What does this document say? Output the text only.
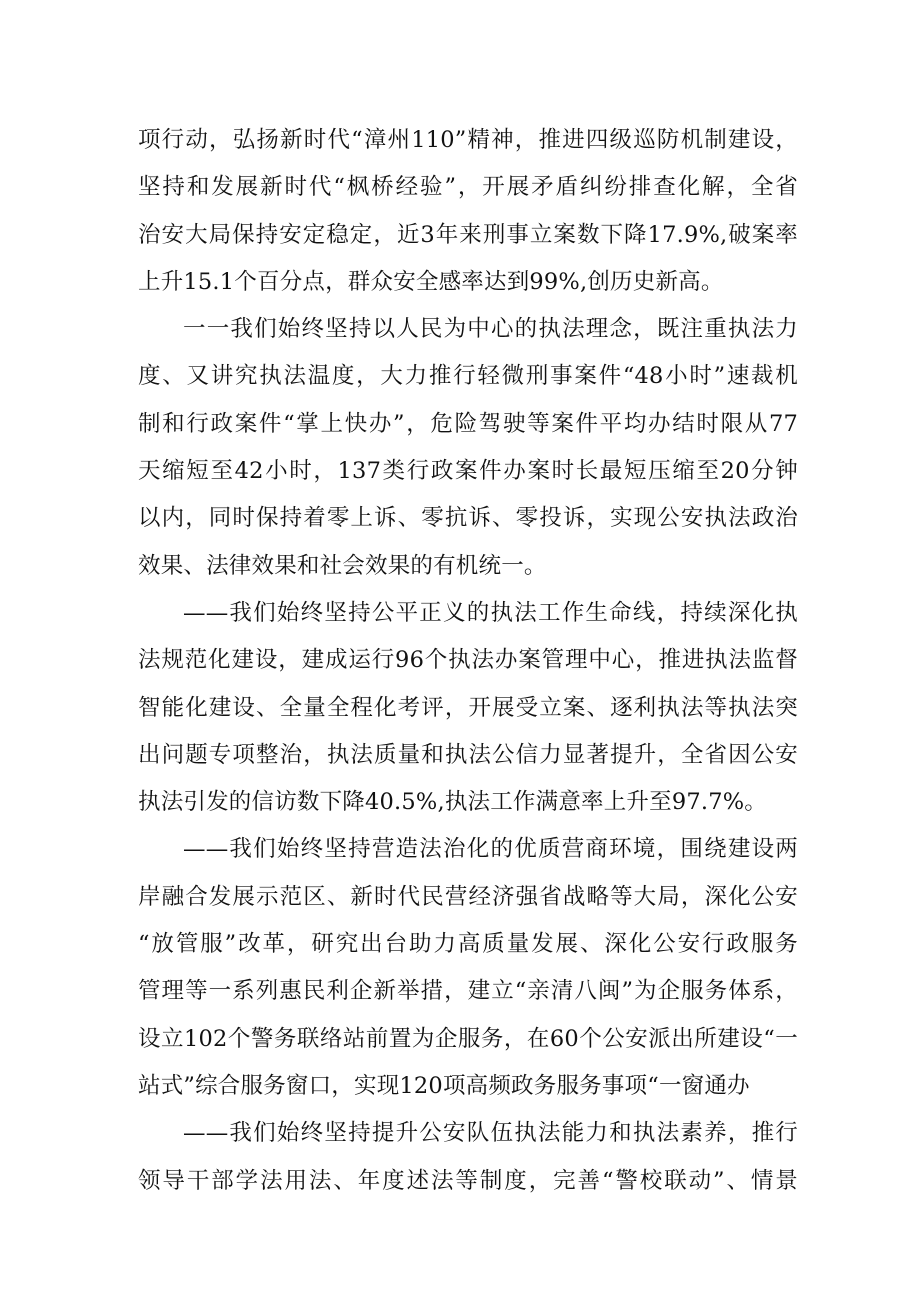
项行动，弘扬新时代“漳州110”精神，推进四级巡防机制建设，
坚持和发展新时代“枫桥经验”，开展矛盾纠纷排查化解，全省
治安大局保持安定稳定，近3年来刑事立案数下降17.9%,破案率
上升15.1个百分点，群众安全感率达到99%,创历史新高。
一一我们始终坚持以人民为中心的执法理念，既注重执法力
度、又讲究执法温度，大力推行轻微刑事案件“48小时”速裁机
制和行政案件“掌上快办”，危险驾驶等案件平均办结时限从77
天缩短至42小时，137类行政案件办案时长最短压缩至20分钟
以内，同时保持着零上诉、零抗诉、零投诉，实现公安执法政治
效果、法律效果和社会效果的有机统一。
——我们始终坚持公平正义的执法工作生命线，持续深化执
法规范化建设，建成运行96个执法办案管理中心，推进执法监督
智能化建设、全量全程化考评，开展受立案、逐利执法等执法突
出问题专项整治，执法质量和执法公信力显著提升，全省因公安
执法引发的信访数下降40.5%,执法工作满意率上升至97.7%。
——我们始终坚持营造法治化的优质营商环境，围绕建设两
岸融合发展示范区、新时代民营经济强省战略等大局，深化公安
“放管服”改革，研究出台助力高质量发展、深化公安行政服务
管理等一系列惠民利企新举措，建立“亲清八闽”为企服务体系，
设立102个警务联络站前置为企服务，在60个公安派出所建设“一
站式”综合服务窗口，实现120项高频政务服务事项“一窗通办
——我们始终坚持提升公安队伍执法能力和执法素养，推行
领导干部学法用法、年度述法等制度，完善“警校联动”、情景
